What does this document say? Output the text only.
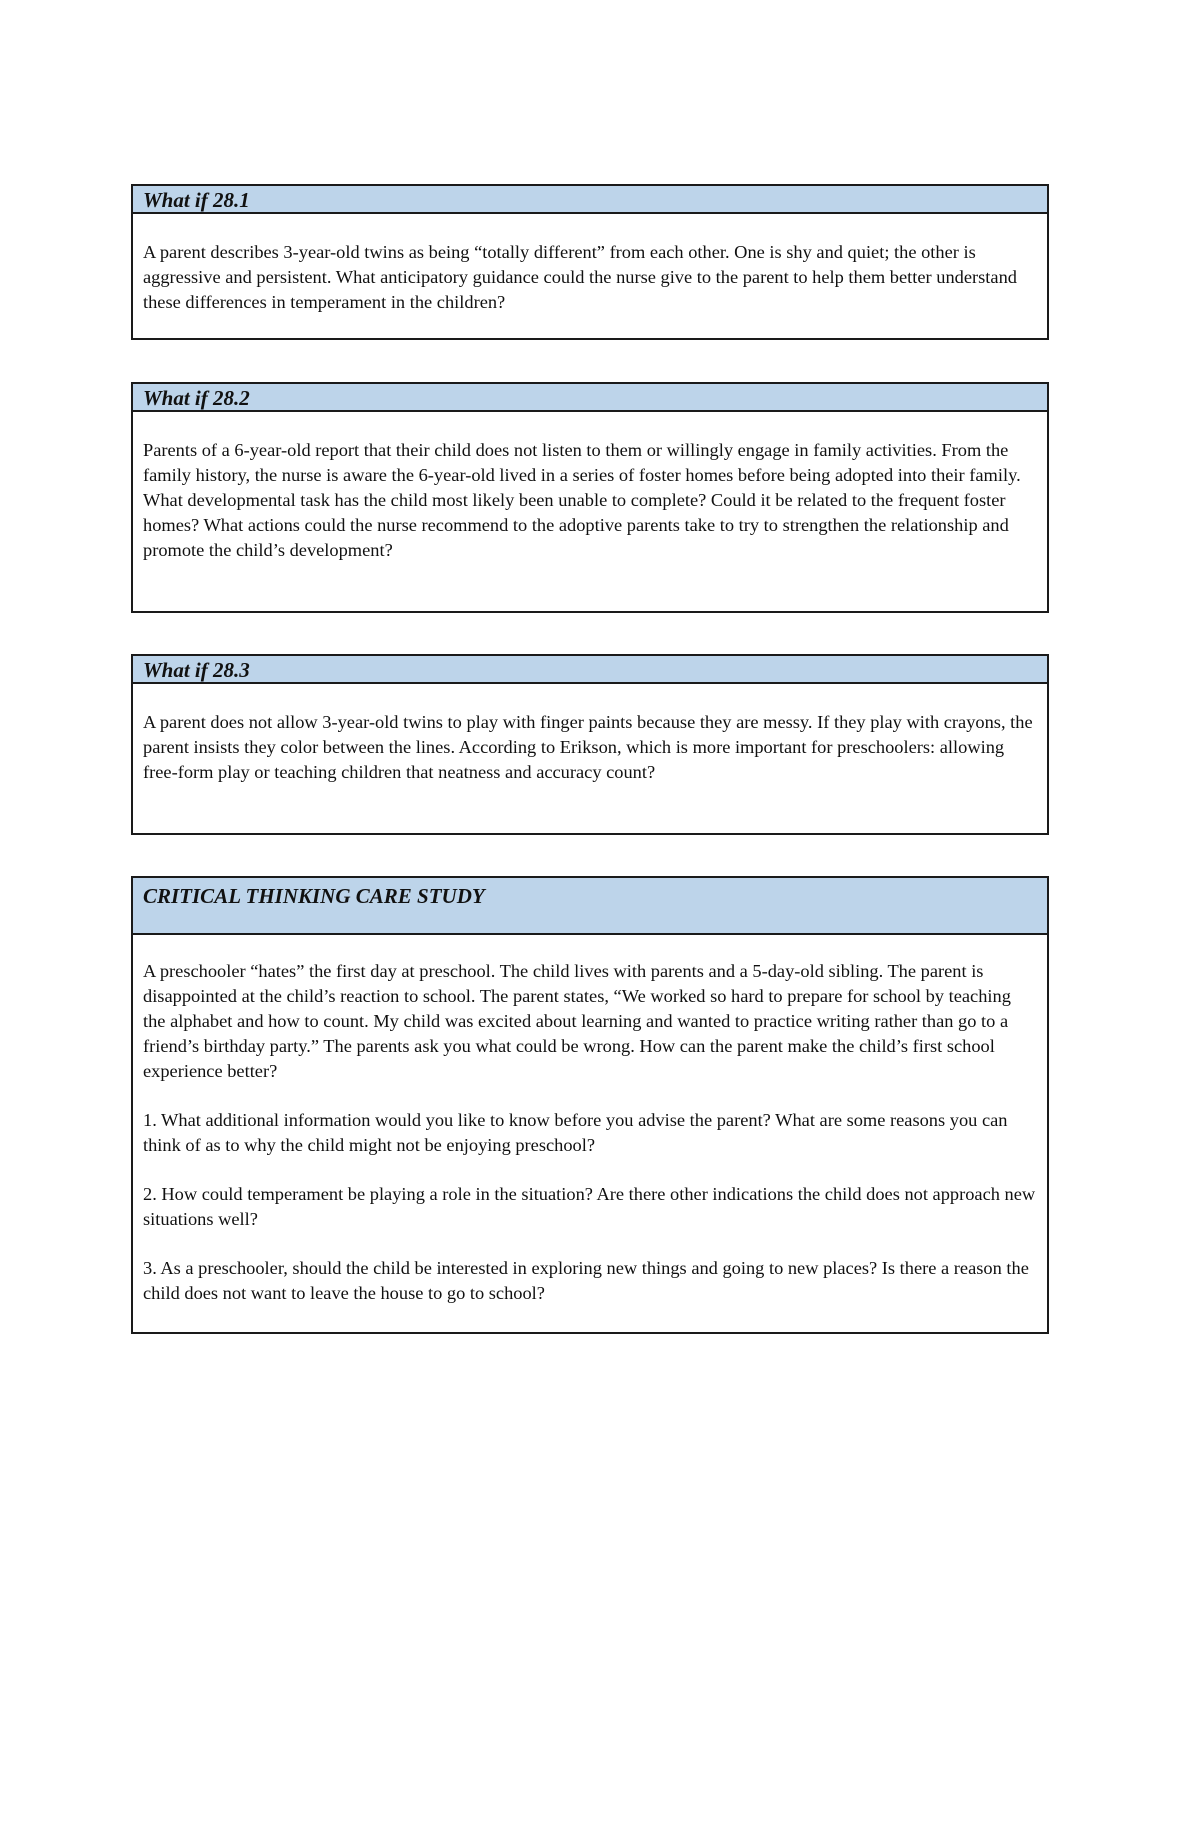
What if 28.1

A parent describes 3-year-old twins as being “totally different” from each other. One is shy and quiet; the other is aggressive and persistent. What anticipatory guidance could the nurse give to the parent to help them better understand these differences in temperament in the children?

What if 28.2

Parents of a 6-year-old report that their child does not listen to them or willingly engage in family activities. From the family history, the nurse is aware the 6-year-old lived in a series of foster homes before being adopted into their family. What developmental task has the child most likely been unable to complete? Could it be related to the frequent foster homes? What actions could the nurse recommend to the adoptive parents take to try to strengthen the relationship and promote the child’s development?

What if 28.3

A parent does not allow 3-year-old twins to play with finger paints because they are messy. If they play with crayons, the parent insists they color between the lines. According to Erikson, which is more important for preschoolers: allowing free-form play or teaching children that neatness and accuracy count?

CRITICAL THINKING CARE STUDY

A preschooler “hates” the first day at preschool. The child lives with parents and a 5-day-old sibling. The parent is disappointed at the child’s reaction to school. The parent states, “We worked so hard to prepare for school by teaching the alphabet and how to count. My child was excited about learning and wanted to practice writing rather than go to a friend’s birthday party.” The parents ask you what could be wrong. How can the parent make the child’s first school experience better?

1. What additional information would you like to know before you advise the parent? What are some reasons you can think of as to why the child might not be enjoying preschool?

2. How could temperament be playing a role in the situation? Are there other indications the child does not approach new situations well?

3. As a preschooler, should the child be interested in exploring new things and going to new places? Is there a reason the child does not want to leave the house to go to school?
